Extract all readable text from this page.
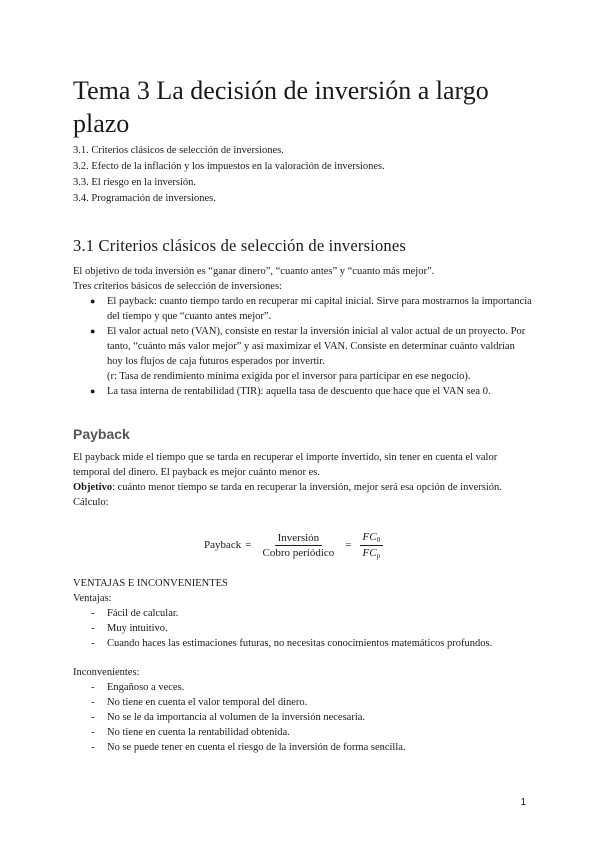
Tema 3 La decisión de inversión a largo plazo
3.1. Criterios clásicos de selección de inversiones.
3.2. Efecto de la inflación y los impuestos en la valoración de inversiones.
3.3. El riesgo en la inversión.
3.4. Programación de inversiones.
3.1 Criterios clásicos de selección de inversiones

El objetivo de toda inversión es “ganar dinero”, “cuanto antes” y “cuanto más mejor”.

Tres criterios básicos de selección de inversiones:

● El payback: cuanto tiempo tardo en recuperar mi capital inicial. Sirve para mostrarnos la importancia del tiempo y que “cuanto antes mejor”.
● El valor actual neto (VAN), consiste en restar la inversión inicial al valor actual de un proyecto. Por tanto, “cuánto más valor mejor” y así maximizar el VAN. Consiste en determinar cuánto valdrían hoy los flujos de caja futuros esperados por invertir.
(r: Tasa de rendimiento mínima exigida por el inversor para participar en ese negocio).
● La tasa interna de rentabilidad (TIR): aquella tasa de descuento que hace que el VAN sea 0.
Payback

El payback mide el tiempo que se tarda en recuperar el importe invertido, sin tener en cuenta el valor temporal del dinero. El payback es mejor cuánto menor es.

Objetivo: cuánto menor tiempo se tarda en recuperar la inversión, mejor será esa opción de inversión.

Cálculo:

Payback = $\frac{\text{Inversión}}{\text{Cobro periódico}} = \frac{FC_0}{FC_p}$

VENTAJAS E INCONVENIENTES

Ventajas:

- Fácil de calcular.
- Muy intuitivo.
- Cuando haces las estimaciones futuras, no necesitas conocimientos matemáticos profundos.

Inconvenientes:

- Engañoso a veces.
- No tiene en cuenta el valor temporal del dinero.
- No se le da importancia al volumen de la inversión necesaria.
- No tiene en cuenta la rentabilidad obtenida.
- No se puede tener en cuenta el riesgo de la inversión de forma sencilla.
1
